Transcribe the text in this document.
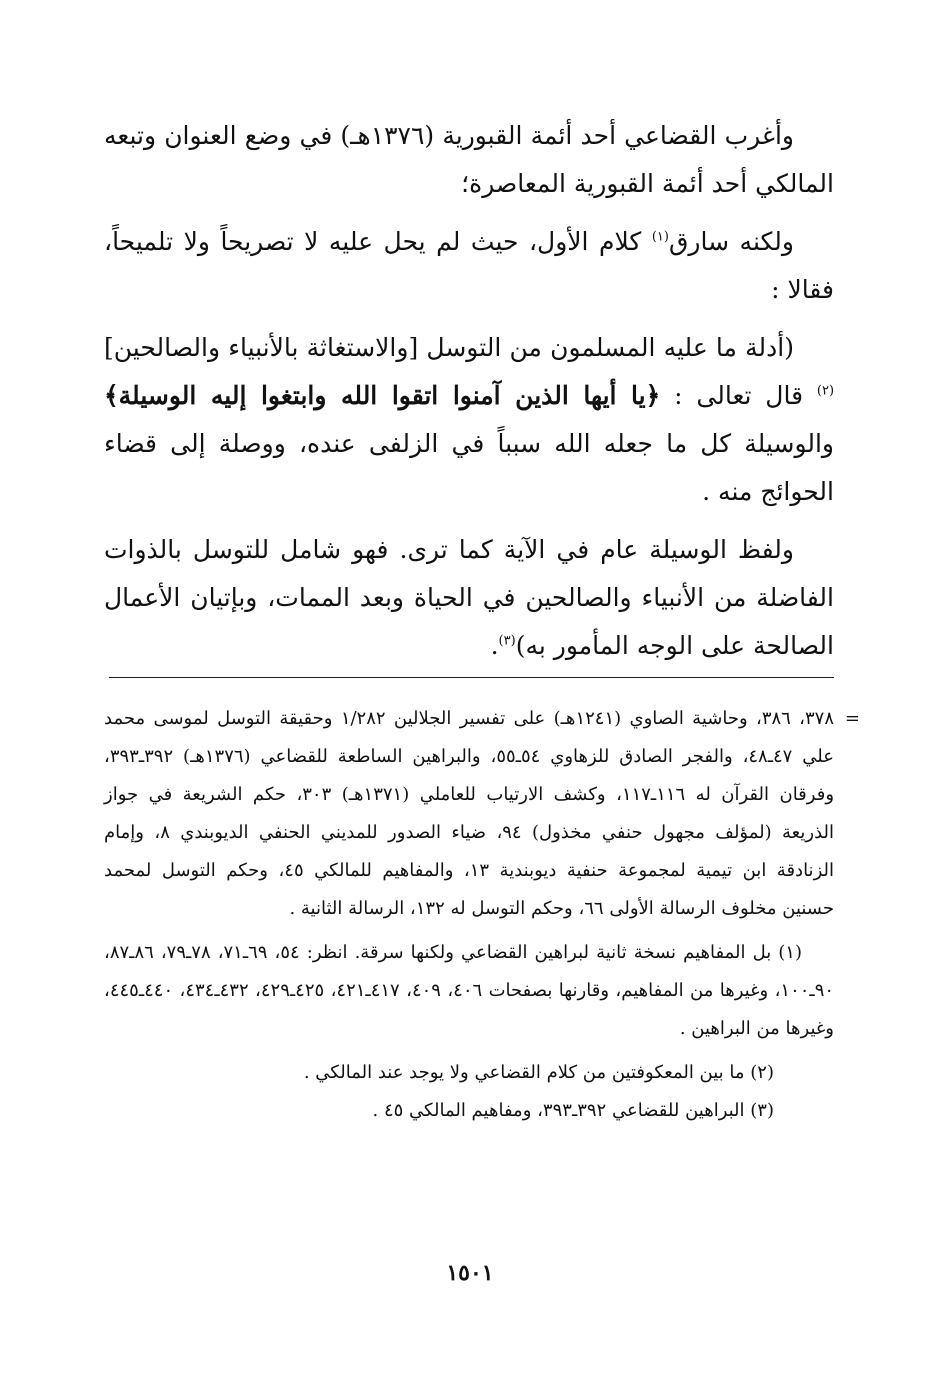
وأغرب القضاعي أحد أئمة القبورية (١٣٧٦هـ) في وضع العنوان وتبعه المالكي أحد أئمة القبورية المعاصرة؛

ولكنه سارق$^{(١)}$ كلام الأول، حيث لم يحل عليه لا تصريحاً ولا تلميحاً، فقالا :

(أدلة ما عليه المسلمون من التوسل [والاستغاثة بالأنبياء والصالحين]$^{(٢)}$ قال تعالى : ﴿يا أيها الذين آمنوا اتقوا الله وابتغوا إليه الوسيلة﴾ والوسيلة كل ما جعله الله سبباً في الزلفى عنده، ووصلة إلى قضاء الحوائج منه .

ولفظ الوسيلة عام في الآية كما ترى. فهو شامل للتوسل بالذوات الفاضلة من الأنبياء والصالحين في الحياة وبعد الممات، وبإتيان الأعمال الصالحة على الوجه المأمور به)$^{(٣)}$.

=

٣٧٨، ٣٨٦، وحاشية الصاوي (١٢٤١هـ) على تفسير الجلالين ١/٢٨٢ وحقيقة التوسل لموسى محمد علي ٤٧ـ٤٨، والفجر الصادق للزهاوي ٥٤ـ٥٥، والبراهين الساطعة للقضاعي (١٣٧٦هـ) ٣٩٢ـ٣٩٣، وفرقان القرآن له ١١٦ـ١١٧، وكشف الارتياب للعاملي (١٣٧١هـ) ٣٠٣، حكم الشريعة في جواز الذريعة (لمؤلف مجهول حنفي مخذول) ٩٤، ضياء الصدور للمديني الحنفي الديوبندي ٨، وإمام الزنادقة ابن تيمية لمجموعة حنفية ديوبندية ١٣، والمفاهيم للمالكي ٤٥، وحكم التوسل لمحمد حسنين مخلوف الرسالة الأولى ٦٦، وحكم التوسل له ١٣٢، الرسالة الثانية .

(١) بل المفاهيم نسخة ثانية لبراهين القضاعي ولكنها سرقة. انظر: ٥٤، ٦٩ـ٧١، ٧٨ـ٧٩، ٨٦ـ٨٧، ٩٠ـ١٠٠، وغيرها من المفاهيم، وقارنها بصفحات ٤٠٦، ٤٠٩، ٤١٧ـ٤٢١، ٤٢٥ـ٤٢٩، ٤٣٢ـ٤٣٤، ٤٤٠ـ٤٤٥، وغيرها من البراهين .

(٢) ما بين المعكوفتين من كلام القضاعي ولا يوجد عند المالكي .

(٣) البراهين للقضاعي ٣٩٢ـ٣٩٣، ومفاهيم المالكي ٤٥ .

١٥٠١
